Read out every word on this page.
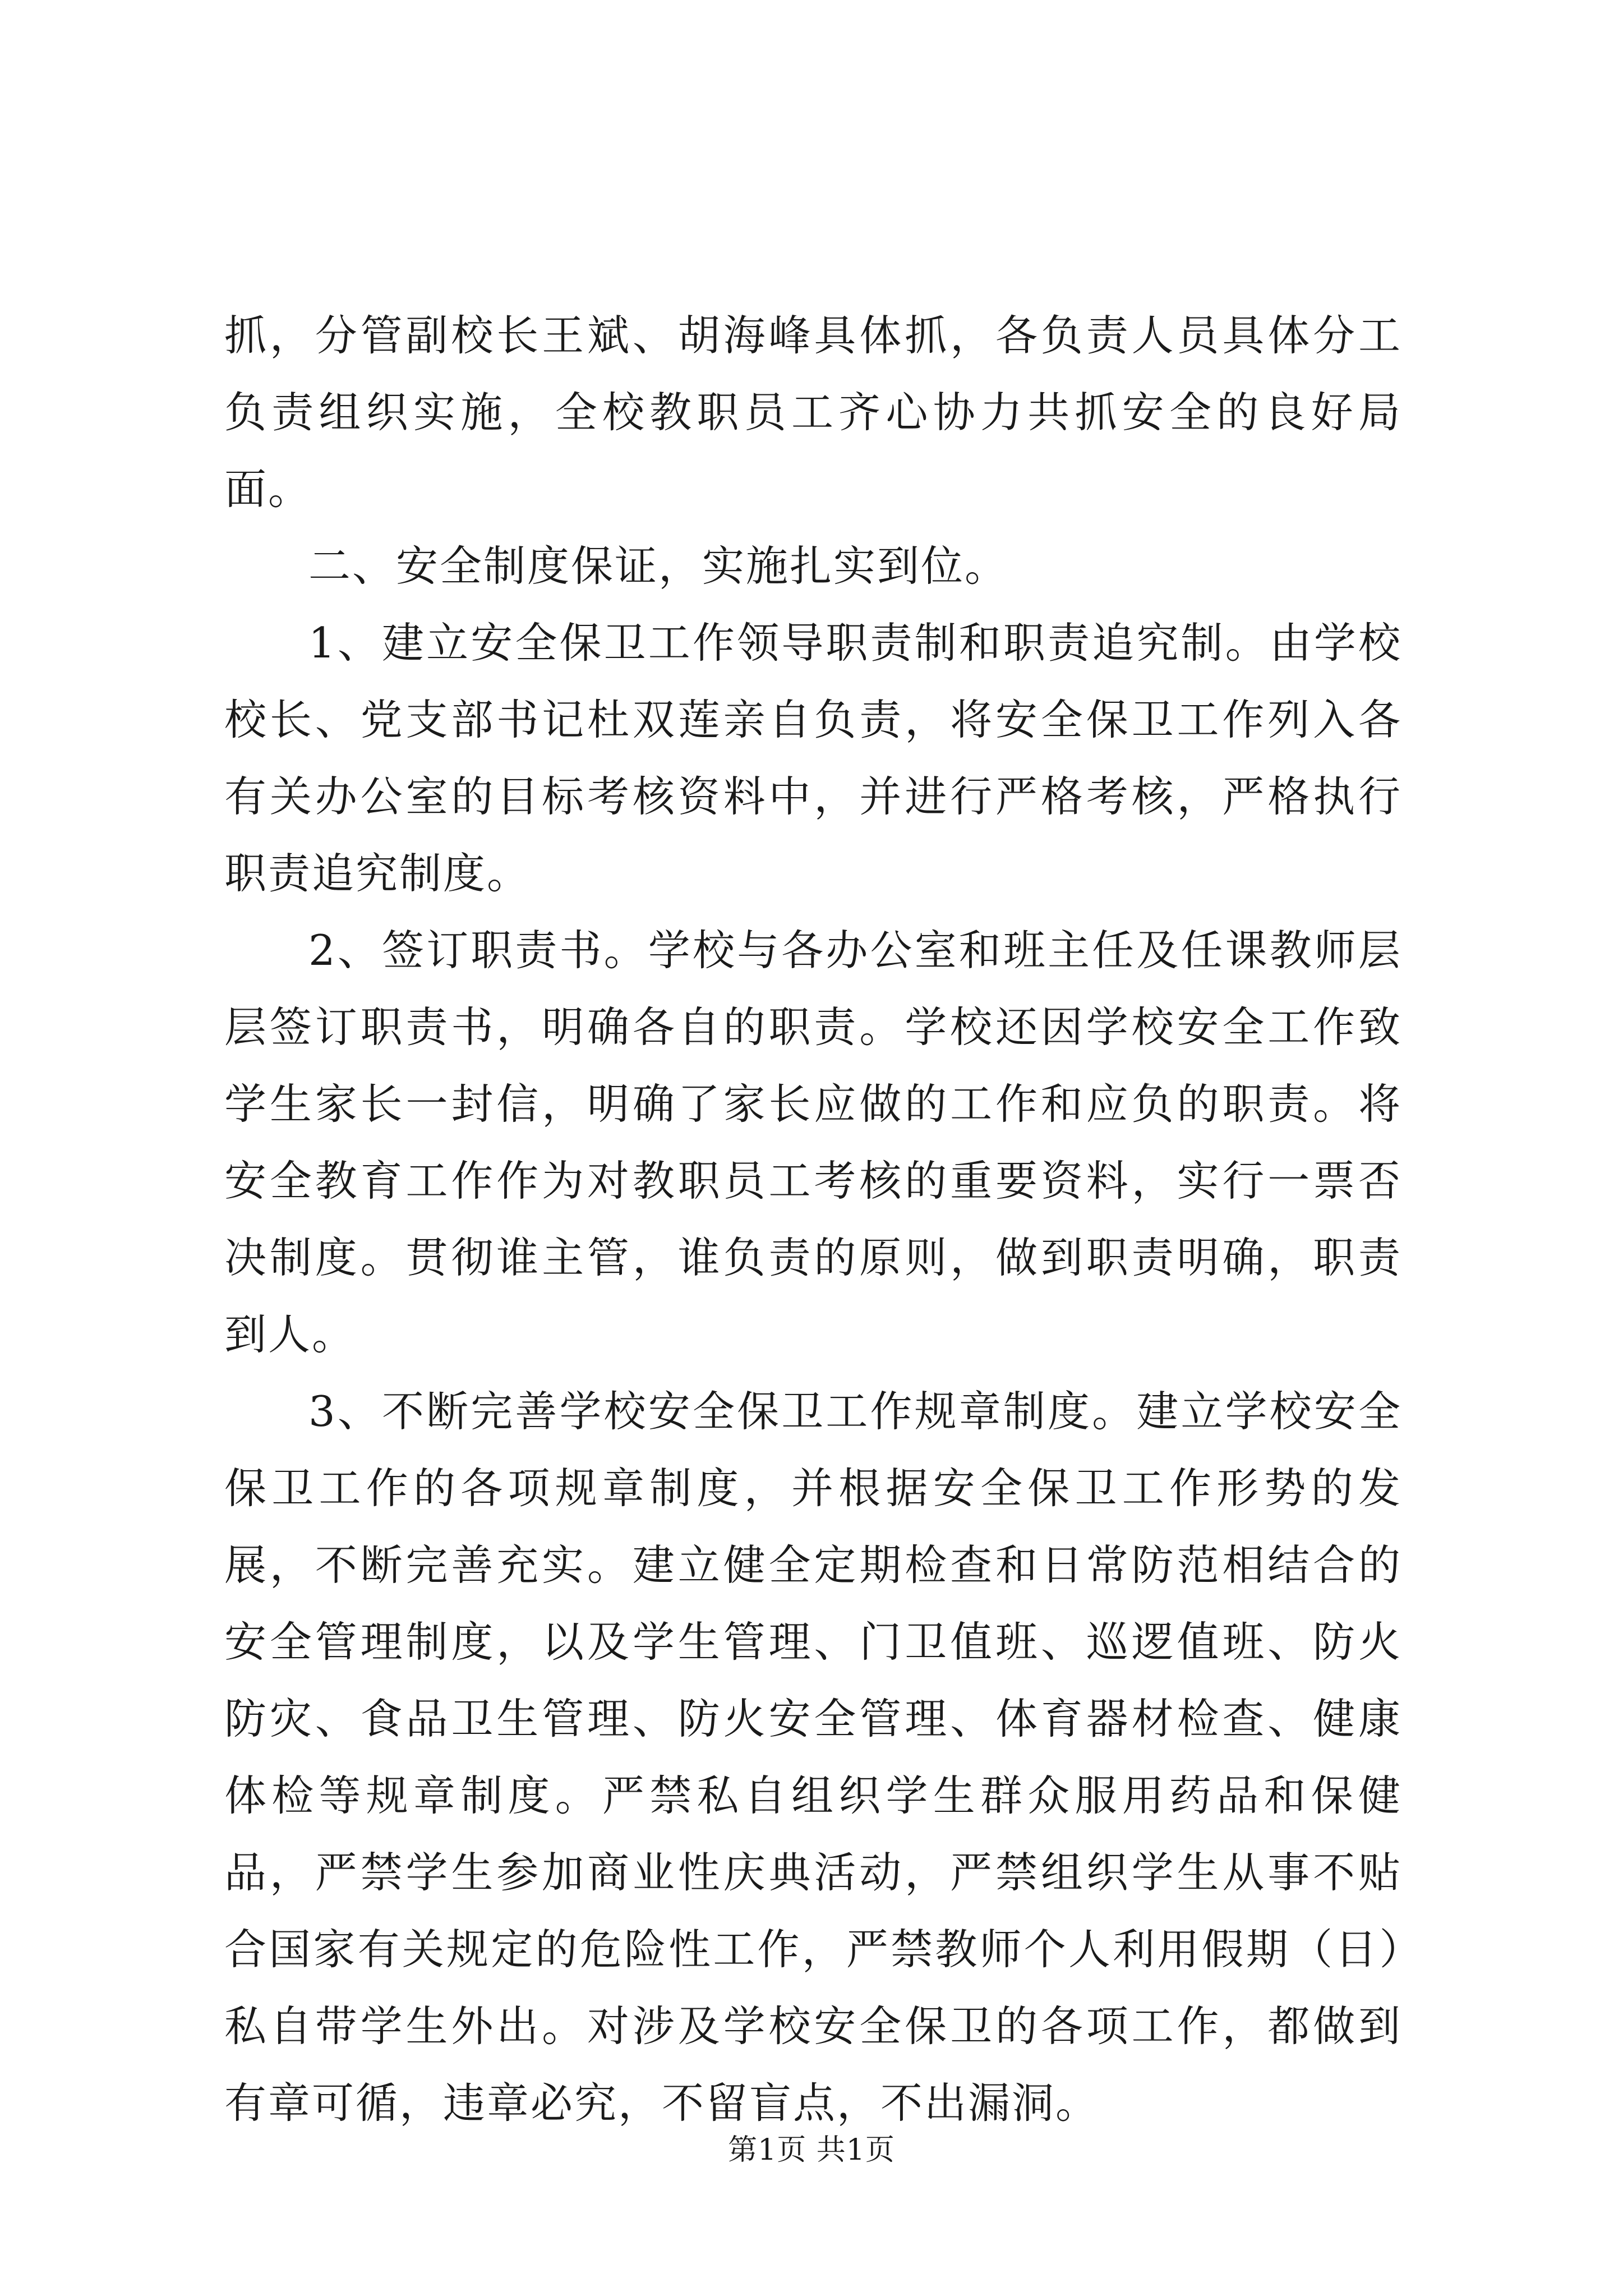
抓，分管副校长王斌、胡海峰具体抓，各负责人员具体分工负责组织实施，全校教职员工齐心协力共抓安全的良好局面。

二、安全制度保证，实施扎实到位。

1、建立安全保卫工作领导职责制和职责追究制。由学校校长、党支部书记杜双莲亲自负责，将安全保卫工作列入各有关办公室的目标考核资料中，并进行严格考核，严格执行职责追究制度。

2、签订职责书。学校与各办公室和班主任及任课教师层层签订职责书，明确各自的职责。学校还因学校安全工作致学生家长一封信，明确了家长应做的工作和应负的职责。将安全教育工作作为对教职员工考核的重要资料，实行一票否决制度。贯彻谁主管，谁负责的原则，做到职责明确，职责到人。

3、不断完善学校安全保卫工作规章制度。建立学校安全保卫工作的各项规章制度，并根据安全保卫工作形势的发展，不断完善充实。建立健全定期检查和日常防范相结合的安全管理制度，以及学生管理、门卫值班、巡逻值班、防火防灾、食品卫生管理、防火安全管理、体育器材检查、健康体检等规章制度。严禁私自组织学生群众服用药品和保健品，严禁学生参加商业性庆典活动，严禁组织学生从事不贴合国家有关规定的危险性工作，严禁教师个人利用假期（日）私自带学生外出。对涉及学校安全保卫的各项工作，都做到有章可循，违章必究，不留盲点，不出漏洞。

第1页 共1页
